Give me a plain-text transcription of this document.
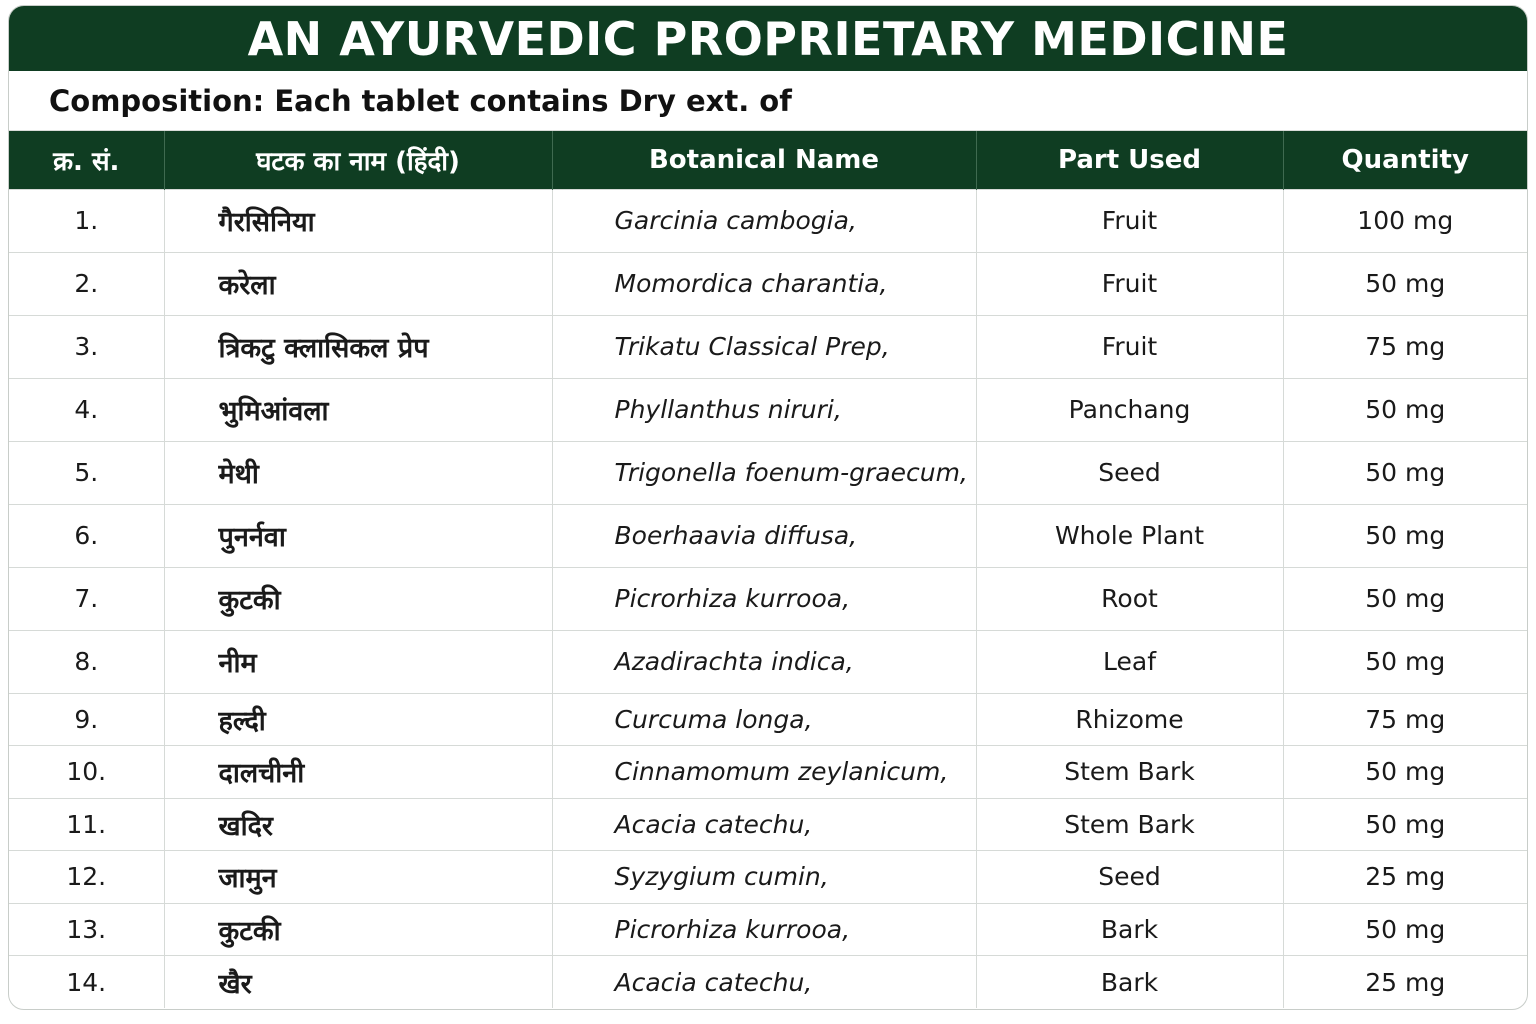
AN AYURVEDIC PROPRIETARY MEDICINE
Composition: Each tablet contains Dry ext. of
क्र. सं.	घटक का नाम (हिंदी)	Botanical Name	Part Used	Quantity
1.	गैरसिनिया	Garcinia cambogia,	Fruit	100 mg
2.	करेला	Momordica charantia,	Fruit	50 mg
3.	त्रिकटु क्लासिकल प्रेप	Trikatu Classical Prep,	Fruit	75 mg
4.	भुमिआंवला	Phyllanthus niruri,	Panchang	50 mg
5.	मेथी	Trigonella foenum-graecum,	Seed	50 mg
6.	पुनर्नवा	Boerhaavia diffusa,	Whole Plant	50 mg
7.	कुटकी	Picrorhiza kurrooa,	Root	50 mg
8.	नीम	Azadirachta indica,	Leaf	50 mg
9.	हल्दी	Curcuma longa,	Rhizome	75 mg
10.	दालचीनी	Cinnamomum zeylanicum,	Stem Bark	50 mg
11.	खदिर	Acacia catechu,	Stem Bark	50 mg
12.	जामुन	Syzygium cumin,	Seed	25 mg
13.	कुटकी	Picrorhiza kurrooa,	Bark	50 mg
14.	खैर	Acacia catechu,	Bark	25 mg
